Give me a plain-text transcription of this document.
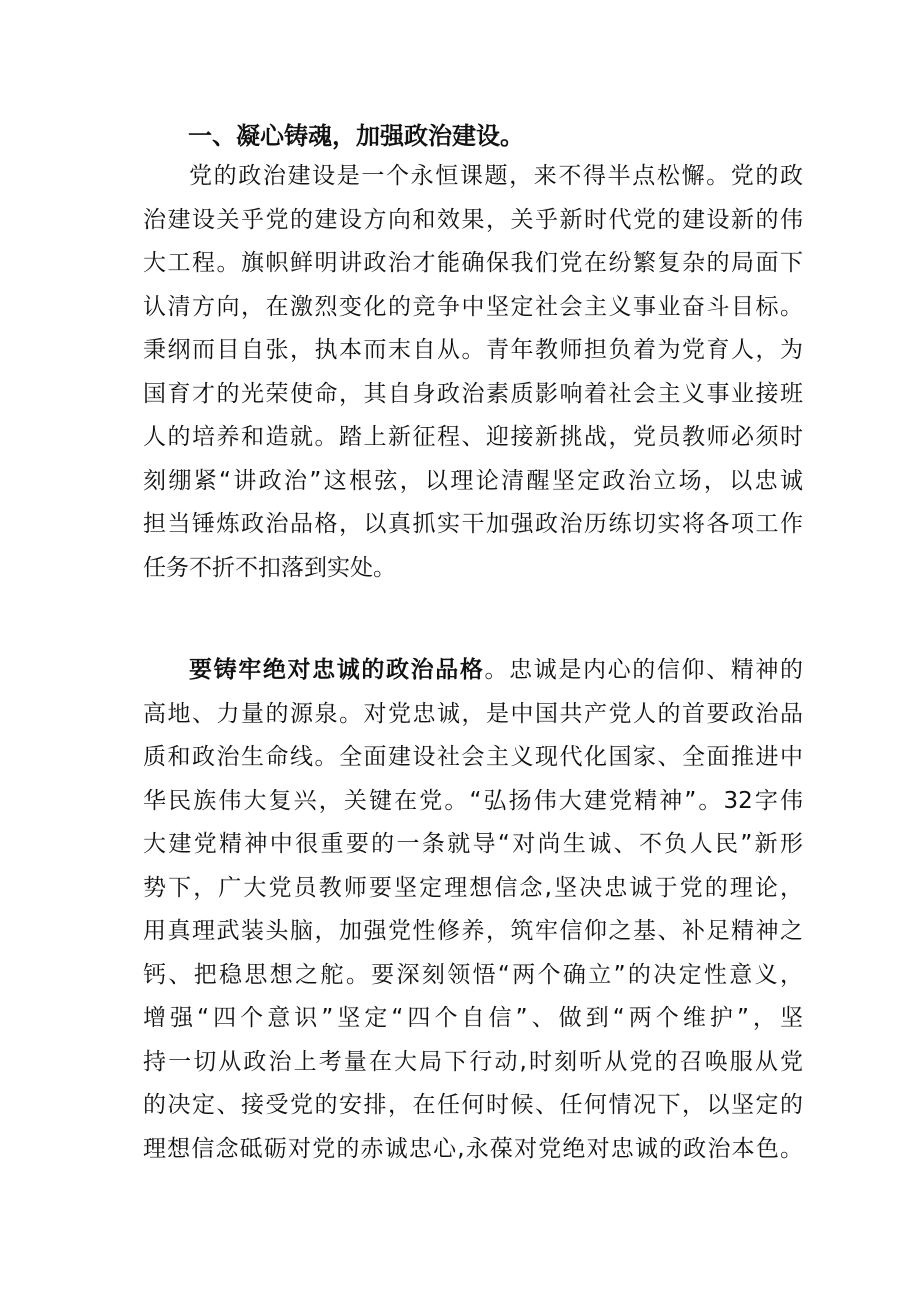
一、凝心铸魂，加强政治建设。
党的政治建设是一个永恒课题，来不得半点松懈。党的政
治建设关乎党的建设方向和效果，关乎新时代党的建设新的伟
大工程。旗帜鲜明讲政治才能确保我们党在纷繁复杂的局面下
认清方向，在激烈变化的竞争中坚定社会主义事业奋斗目标。
秉纲而目自张，执本而末自从。青年教师担负着为党育人，为
国育才的光荣使命，其自身政治素质影响着社会主义事业接班
人的培养和造就。踏上新征程、迎接新挑战，党员教师必须时
刻绷紧“讲政治”这根弦，以理论清醒坚定政治立场，以忠诚
担当锤炼政治品格，以真抓实干加强政治历练切实将各项工作
任务不折不扣落到实处。
要铸牢绝对忠诚的政治品格。忠诚是内心的信仰、精神的
高地、力量的源泉。对党忠诚，是中国共产党人的首要政治品
质和政治生命线。全面建设社会主义现代化国家、全面推进中
华民族伟大复兴，关键在党。“弘扬伟大建党精神”。32字伟
大建党精神中很重要的一条就导“对尚生诚、不负人民”新形
势下，广大党员教师要坚定理想信念,坚决忠诚于党的理论，
用真理武装头脑，加强党性修养，筑牢信仰之基、补足精神之
钙、把稳思想之舵。要深刻领悟“两个确立”的决定性意义，
增强“四个意识”坚定“四个自信”、做到“两个维护”，坚
持一切从政治上考量在大局下行动,时刻听从党的召唤服从党
的决定、接受党的安排，在任何时候、任何情况下，以坚定的
理想信念砥砺对党的赤诚忠心,永葆对党绝对忠诚的政治本色。
